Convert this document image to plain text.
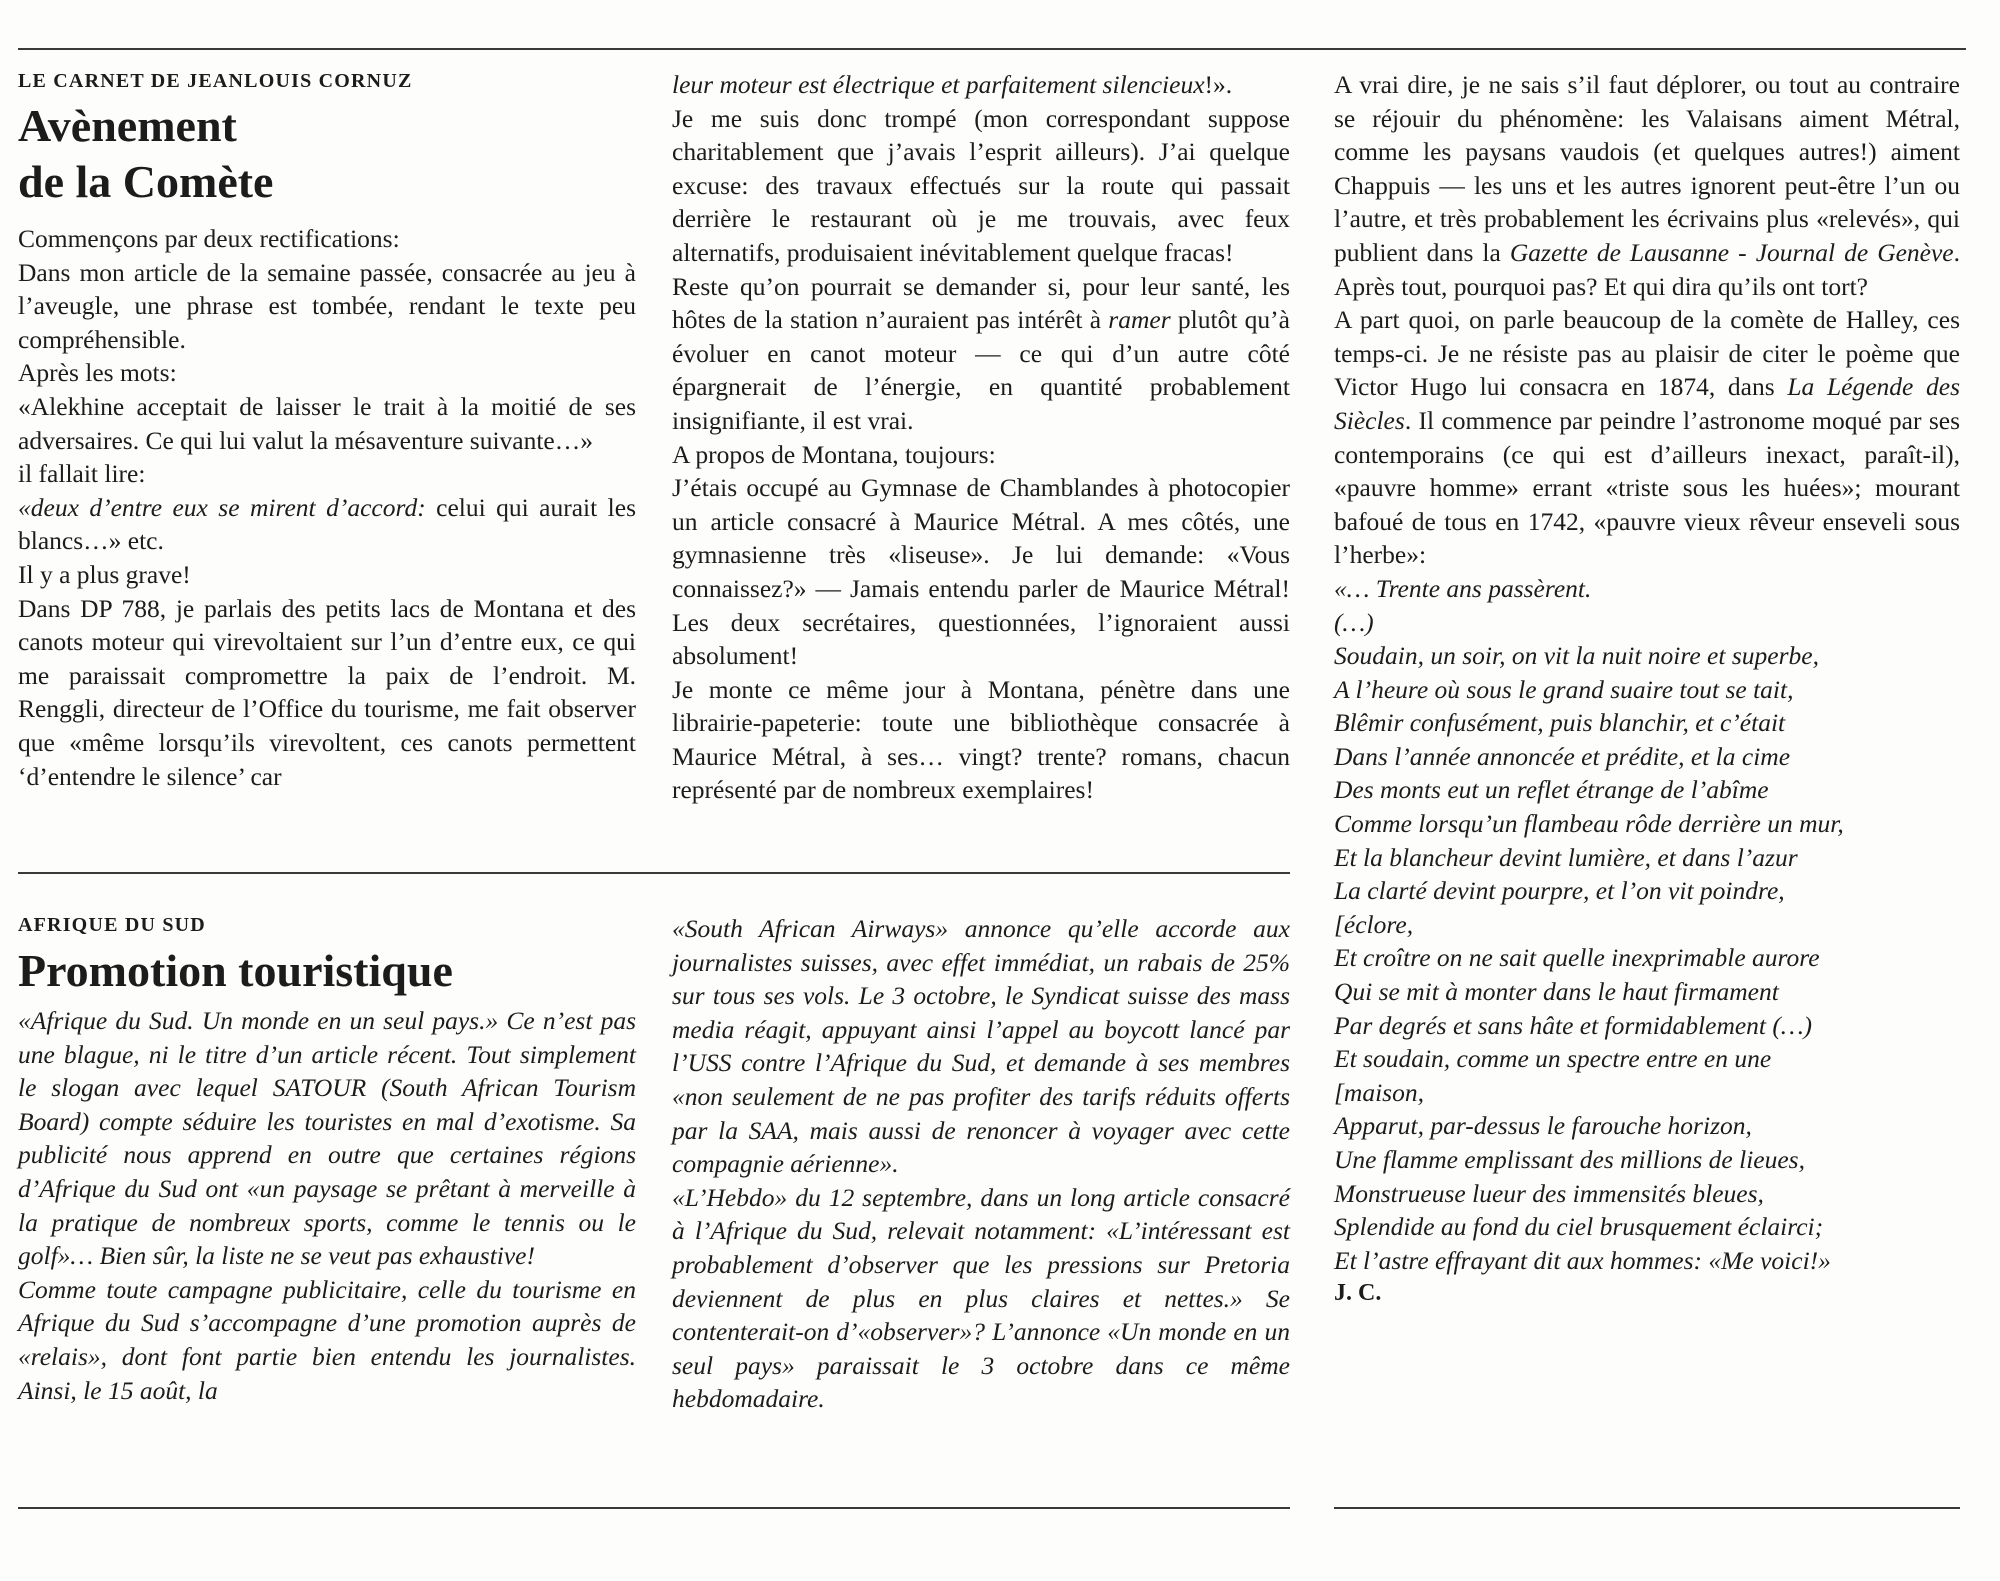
LE CARNET DE JEANLOUIS CORNUZ
Avènement
de la Comète

Commençons par deux rectifications:

Dans mon article de la semaine passée, consacrée au jeu à l’aveugle, une phrase est tombée, rendant le texte peu compréhensible.

Après les mots:

«Alekhine acceptait de laisser le trait à la moitié de ses adversaires. Ce qui lui valut la mésaventure suivante…»

il fallait lire:

«deux d’entre eux se mirent d’accord: celui qui aurait les blancs…» etc.

Il y a plus grave!

Dans DP 788, je parlais des petits lacs de Montana et des canots moteur qui virevoltaient sur l’un d’entre eux, ce qui me paraissait compromettre la paix de l’endroit. M. Renggli, directeur de l’Office du tourisme, me fait observer que «même lorsqu’ils virevoltent, ces canots permettent ‘d’entendre le silence’ car

leur moteur est électrique et parfaitement silencieux!».

Je me suis donc trompé (mon correspondant suppose charitablement que j’avais l’esprit ailleurs). J’ai quelque excuse: des travaux effectués sur la route qui passait derrière le restaurant où je me trouvais, avec feux alternatifs, produisaient inévitablement quelque fracas!

Reste qu’on pourrait se demander si, pour leur santé, les hôtes de la station n’auraient pas intérêt à ramer plutôt qu’à évoluer en canot moteur — ce qui d’un autre côté épargnerait de l’énergie, en quantité probablement insignifiante, il est vrai.

A propos de Montana, toujours:

J’étais occupé au Gymnase de Chamblandes à photocopier un article consacré à Maurice Métral. A mes côtés, une gymnasienne très «liseuse». Je lui demande: «Vous connaissez?» — Jamais entendu parler de Maurice Métral! Les deux secrétaires, questionnées, l’ignoraient aussi absolument!

Je monte ce même jour à Montana, pénètre dans une librairie-papeterie: toute une bibliothèque consacrée à Maurice Métral, à ses… vingt? trente? romans, chacun représenté par de nombreux exemplaires!

A vrai dire, je ne sais s’il faut déplorer, ou tout au contraire se réjouir du phénomène: les Valaisans aiment Métral, comme les paysans vaudois (et quelques autres!) aiment Chappuis — les uns et les autres ignorent peut-être l’un ou l’autre, et très probablement les écrivains plus «relevés», qui publient dans la Gazette de Lausanne - Journal de Genève. Après tout, pourquoi pas? Et qui dira qu’ils ont tort?

A part quoi, on parle beaucoup de la comète de Halley, ces temps-ci. Je ne résiste pas au plaisir de citer le poème que Victor Hugo lui consacra en 1874, dans La Légende des Siècles. Il commence par peindre l’astronome moqué par ses contemporains (ce qui est d’ailleurs inexact, paraît-il), «pauvre homme» errant «triste sous les huées»; mourant bafoué de tous en 1742, «pauvre vieux rêveur enseveli sous l’herbe»:

«… Trente ans passèrent.

(…)

Soudain, un soir, on vit la nuit noire et superbe,

A l’heure où sous le grand suaire tout se tait,

Blêmir confusément, puis blanchir, et c’était

Dans l’année annoncée et prédite, et la cime

Des monts eut un reflet étrange de l’abîme

Comme lorsqu’un flambeau rôde derrière un mur,

Et la blancheur devint lumière, et dans l’azur

La clarté devint pourpre, et l’on vit poindre,

[éclore,

Et croître on ne sait quelle inexprimable aurore

Qui se mit à monter dans le haut firmament

Par degrés et sans hâte et formidablement (…)

Et soudain, comme un spectre entre en une

[maison,

Apparut, par-dessus le farouche horizon,

Une flamme emplissant des millions de lieues,

Monstrueuse lueur des immensités bleues,

Splendide au fond du ciel brusquement éclairci;

Et l’astre effrayant dit aux hommes: «Me voici!»

J. C.

AFRIQUE DU SUD
Promotion touristique

«Afrique du Sud. Un monde en un seul pays.» Ce n’est pas une blague, ni le titre d’un article récent. Tout simplement le slogan avec lequel SATOUR (South African Tourism Board) compte séduire les touristes en mal d’exotisme. Sa publicité nous apprend en outre que certaines régions d’Afrique du Sud ont «un paysage se prêtant à merveille à la pratique de nombreux sports, comme le tennis ou le golf»… Bien sûr, la liste ne se veut pas exhaustive!

Comme toute campagne publicitaire, celle du tourisme en Afrique du Sud s’accompagne d’une promotion auprès de «relais», dont font partie bien entendu les journalistes. Ainsi, le 15 août, la

«South African Airways» annonce qu’elle accorde aux journalistes suisses, avec effet immédiat, un rabais de 25% sur tous ses vols. Le 3 octobre, le Syndicat suisse des mass media réagit, appuyant ainsi l’appel au boycott lancé par l’USS contre l’Afrique du Sud, et demande à ses membres «non seulement de ne pas profiter des tarifs réduits offerts par la SAA, mais aussi de renoncer à voyager avec cette compagnie aérienne».

«L’Hebdo» du 12 septembre, dans un long article consacré à l’Afrique du Sud, relevait notamment: «L’intéressant est probablement d’observer que les pressions sur Pretoria deviennent de plus en plus claires et nettes.» Se contenterait-on d’«observer»? L’annonce «Un monde en un seul pays» paraissait le 3 octobre dans ce même hebdomadaire.
